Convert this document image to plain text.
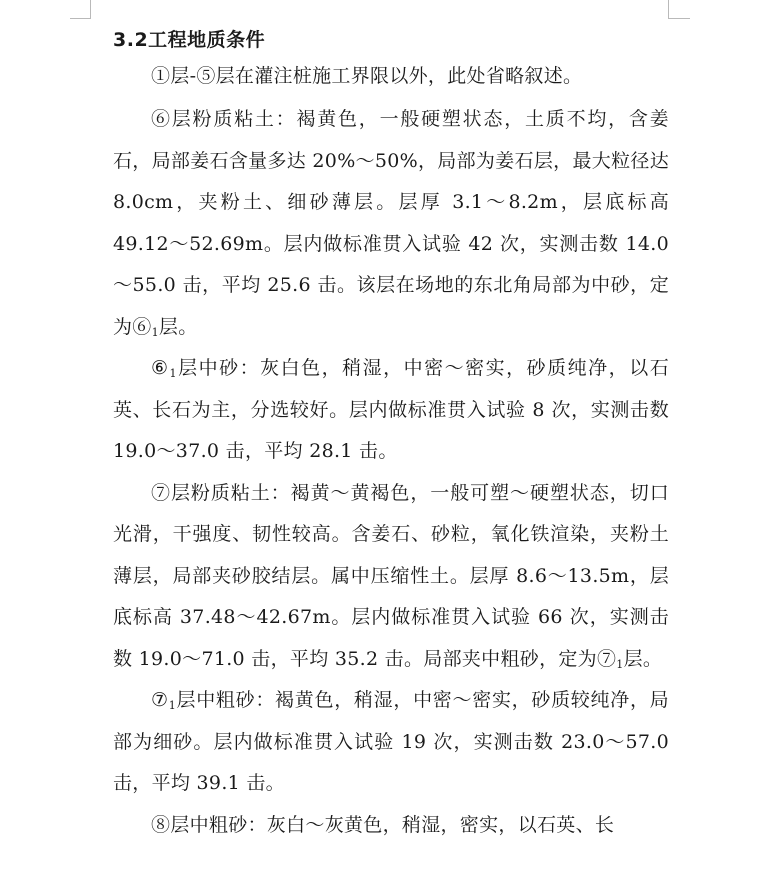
3.2工程地质条件

①层-⑤层在灌注桩施工界限以外，此处省略叙述。

⑥层粉质粘土：褐黄色，一般硬塑状态，土质不均，含姜石，局部姜石含量多达 20%～50%，局部为姜石层，最大粒径达 8.0cm，夹粉土、细砂薄层。层厚 3.1～8.2m，层底标高 49.12～52.69m。层内做标准贯入试验 42 次，实测击数 14.0～55.0 击，平均 25.6 击。该层在场地的东北角局部为中砂，定为$⑥_1$层。

$⑥_1$层中砂：灰白色，稍湿，中密～密实，砂质纯净，以石英、长石为主，分选较好。层内做标准贯入试验 8 次，实测击数 19.0～37.0 击，平均 28.1 击。

⑦层粉质粘土：褐黄～黄褐色，一般可塑～硬塑状态，切口光滑，干强度、韧性较高。含姜石、砂粒，氧化铁渲染，夹粉土薄层，局部夹砂胶结层。属中压缩性土。层厚 8.6～13.5m，层底标高 37.48～42.67m。层内做标准贯入试验 66 次，实测击数 19.0～71.0 击，平均 35.2 击。局部夹中粗砂，定为$⑦_1$层。

$⑦_1$层中粗砂：褐黄色，稍湿，中密～密实，砂质较纯净，局部为细砂。层内做标准贯入试验 19 次，实测击数 23.0～57.0 击，平均 39.1 击。

⑧层中粗砂：灰白～灰黄色，稍湿，密实，以石英、长
